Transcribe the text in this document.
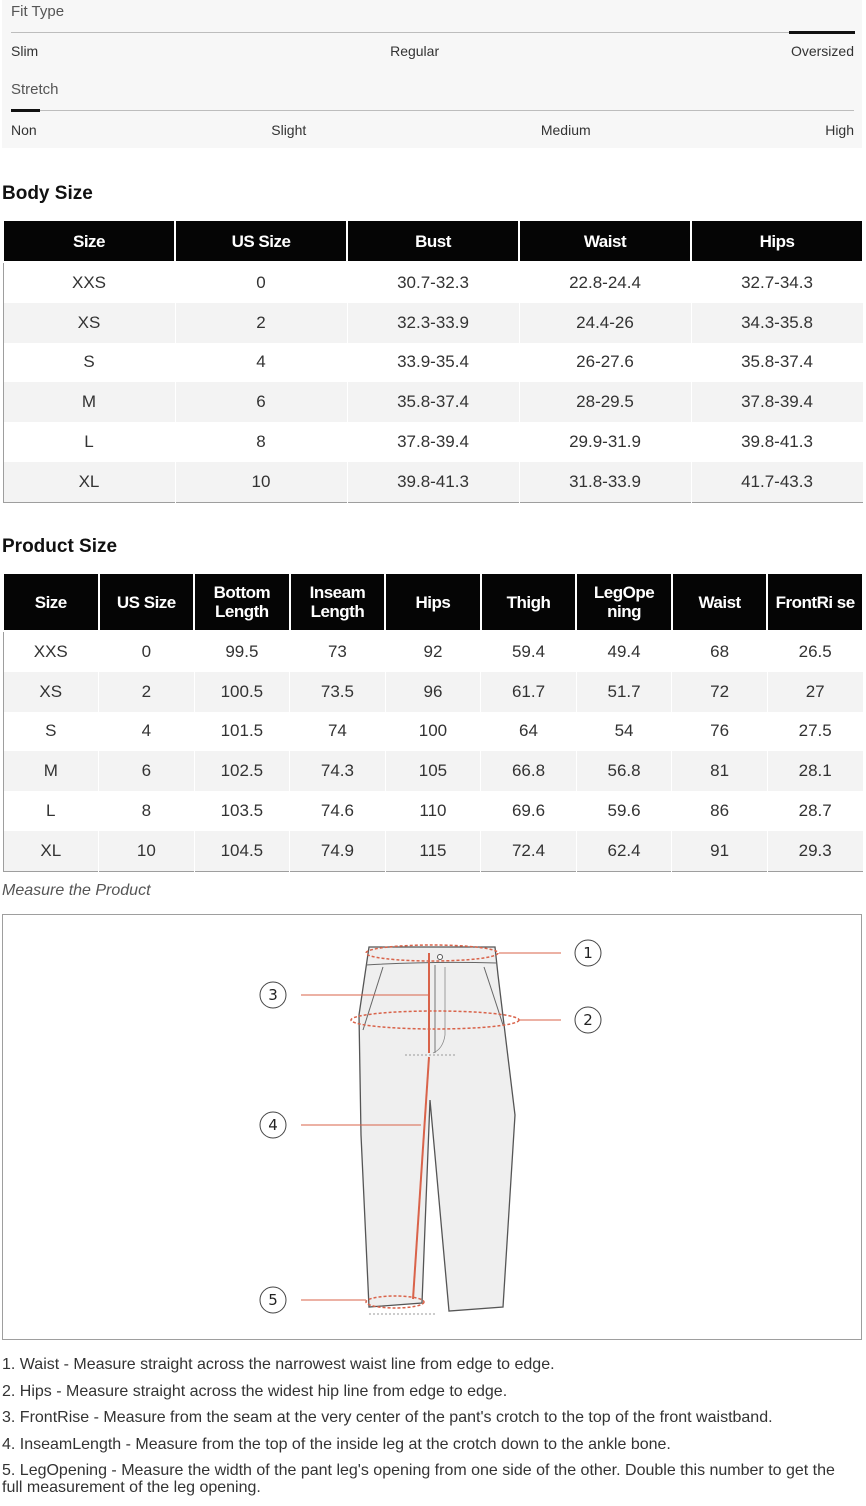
Fit Type
Slim	Regular	Oversized
Stretch
Non	Slight	Medium	High
Body Size
Size	US Size	Bust	Waist	Hips
XXS	0	30.7-32.3	22.8-24.4	32.7-34.3
XS	2	32.3-33.9	24.4-26	34.3-35.8
S	4	33.9-35.4	26-27.6	35.8-37.4
M	6	35.8-37.4	28-29.5	37.8-39.4
L	8	37.8-39.4	29.9-31.9	39.8-41.3
XL	10	39.8-41.3	31.8-33.9	41.7-43.3
Product Size
Size	US Size	Bottom Length	Inseam Length	Hips	Thigh	LegOpe ning	Waist	FrontRi se
XXS	0	99.5	73	92	59.4	49.4	68	26.5
XS	2	100.5	73.5	96	61.7	51.7	72	27
S	4	101.5	74	100	64	54	76	27.5
M	6	102.5	74.3	105	66.8	56.8	81	28.1
L	8	103.5	74.6	110	69.6	59.6	86	28.7
XL	10	104.5	74.9	115	72.4	62.4	91	29.3
Measure the Product
1
2
3
4
5

1. Waist - Measure straight across the narrowest waist line from edge to edge.

2. Hips - Measure straight across the widest hip line from edge to edge.

3. FrontRise - Measure from the seam at the very center of the pant's crotch to the top of the front waistband.

4. InseamLength - Measure from the top of the inside leg at the crotch down to the ankle bone.

5. LegOpening - Measure the width of the pant leg's opening from one side of the other. Double this number to get the full measurement of the leg opening.
